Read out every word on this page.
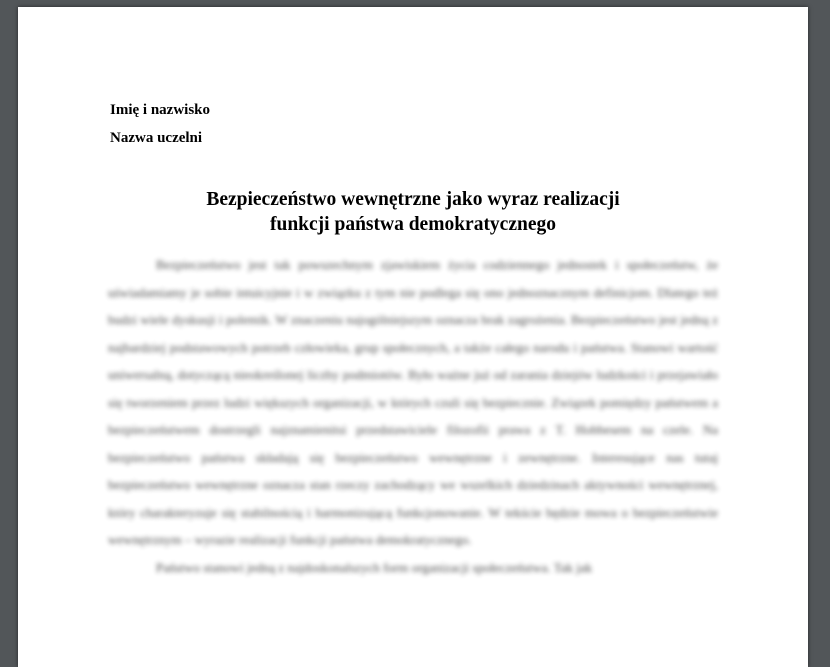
Imię i nazwisko
Nazwa uczelni
Bezpieczeństwo wewnętrzne jako wyraz realizacji
funkcji państwa demokratycznego

Bezpieczeństwo jest tak powszechnym zjawiskiem życia codziennego jednostek i społeczeństw, że uświadamiamy je sobie intuicyjnie i w związku z tym nie podlega się ono jednoznacznym definicjom. Dlatego też budzi wiele dyskusji i polemik. W znaczeniu najogólniejszym oznacza brak zagrożenia. Bezpieczeństwo jest jedną z najbardziej podstawowych potrzeb człowieka, grup społecznych, a także całego narodu i państwa. Stanowi wartość uniwersalną, dotyczącą nieokreślonej liczby podmiotów. Było ważne już od zarania dziejów ludzkości i przejawiało się tworzeniem przez ludzi większych organizacji, w których czuli się bezpiecznie. Związek pomiędzy państwem a bezpieczeństwem dostrzegli najznamienitsi przedstawiciele filozofii prawa z T. Hobbesem na czele. Na bezpieczeństwo państwa składają się bezpieczeństwo wewnętrzne i zewnętrzne. Interesujące nas tutaj bezpieczeństwo wewnętrzne oznacza stan rzeczy zachodzący we wszelkich dziedzinach aktywności wewnętrznej, który charakteryzuje się stabilnością i harmonizującą funkcjonowanie. W tekście będzie mowa o bezpieczeństwie wewnętrznym – wyrazie realizacji funkcji państwa demokratycznego.

Państwo stanowi jedną z najdoskonalszych form organizacji społeczeństwa. Tak jak
